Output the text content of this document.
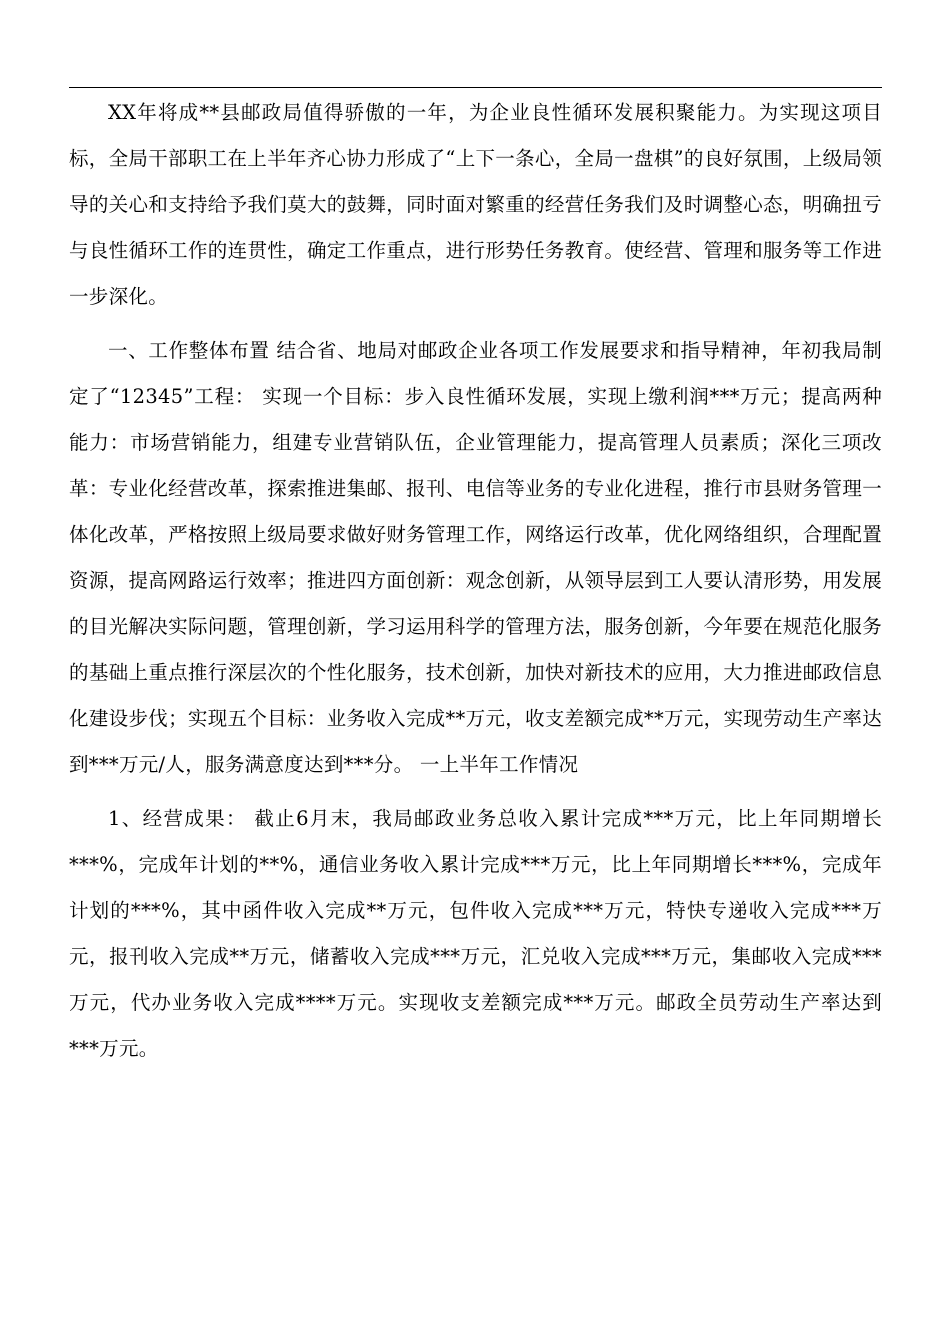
XX年将成**县邮政局值得骄傲的一年，为企业良性循环发展积聚能力。为实现这项目标，全局干部职工在上半年齐心协力形成了“上下一条心，全局一盘棋”的良好氛围，上级局领导的关心和支持给予我们莫大的鼓舞，同时面对繁重的经营任务我们及时调整心态，明确扭亏与良性循环工作的连贯性，确定工作重点，进行形势任务教育。使经营、管理和服务等工作进一步深化。

一、工作整体布置 结合省、地局对邮政企业各项工作发展要求和指导精神，年初我局制定了“12345”工程： 实现一个目标：步入良性循环发展，实现上缴利润***万元；提高两种能力：市场营销能力，组建专业营销队伍，企业管理能力，提高管理人员素质；深化三项改革：专业化经营改革，探索推进集邮、报刊、电信等业务的专业化进程，推行市县财务管理一体化改革，严格按照上级局要求做好财务管理工作，网络运行改革，优化网络组织，合理配置资源，提高网路运行效率；推进四方面创新：观念创新，从领导层到工人要认清形势，用发展的目光解决实际问题，管理创新，学习运用科学的管理方法，服务创新，今年要在规范化服务的基础上重点推行深层次的个性化服务，技术创新，加快对新技术的应用，大力推进邮政信息化建设步伐；实现五个目标：业务收入完成**万元，收支差额完成**万元，实现劳动生产率达到***万元/人，服务满意度达到***分。 一上半年工作情况

1、经营成果： 截止6月末，我局邮政业务总收入累计完成***万元，比上年同期增长***%，完成年计划的**%，通信业务收入累计完成***万元，比上年同期增长***%，完成年计划的***%，其中函件收入完成**万元，包件收入完成***万元，特快专递收入完成***万元，报刊收入完成**万元，储蓄收入完成***万元，汇兑收入完成***万元，集邮收入完成***万元，代办业务收入完成****万元。实现收支差额完成***万元。邮政全员劳动生产率达到***万元。
